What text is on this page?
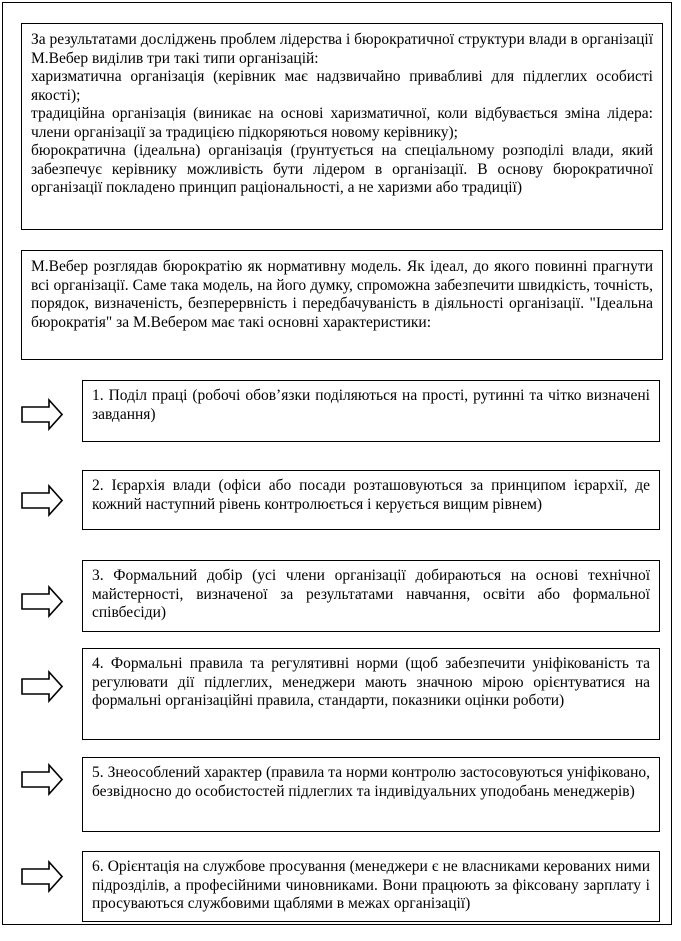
За результатами досліджень проблем лідерства і бюрократичної структури влади в організації М.Вебер виділив три такі типи організацій:

харизматична організація (керівник має надзвичайно привабливі для підлеглих особисті якості);

традиційна організація (виникає на основі харизматичної, коли відбувається зміна лідера: члени організації за традицією підкоряються новому керівнику);

бюрократична (ідеальна) організація (ґрунтується на спеціальному розподілі влади, який забезпечує керівнику можливість бути лідером в організації. В основу бюрократичної організації покладено принцип раціональності, а не харизми або традиції)

М.Вебер розглядав бюрократію як нормативну модель. Як ідеал, до якого повинні прагнути всі організації. Саме така модель, на його думку, спроможна забезпечити швидкість, точність, порядок, визначеність, безперервність і передбачуваність в діяльності організації. "Ідеальна бюрократія" за М.Вебером має такі основні характеристики:

1. Поділ праці (робочі обов’язки поділяються на прості, рутинні та чітко визначені завдання)

2. Ієрархія влади (офіси або посади розташовуються за принципом ієрархії, де кожний наступний рівень контролюється і керується вищим рівнем)

3. Формальний добір (усі члени організації добираються на основі технічної майстерності, визначеної за результатами навчання, освіти або формальної співбесіди)

4. Формальні правила та регулятивні норми (щоб забезпечити уніфікованість та регулювати дії підлеглих, менеджери мають значною мірою орієнтуватися на формальні організаційні правила, стандарти, показники оцінки роботи)

5. Знеособлений характер (правила та норми контролю застосовуються уніфіковано, безвідносно до особистостей підлеглих та індивідуальних уподобань менеджерів)

6. Орієнтація на службове просування (менеджери є не власниками керованих ними підрозділів, а професійними чиновниками. Вони працюють за фіксовану зарплату і просуваються службовими щаблями в межах організації)
